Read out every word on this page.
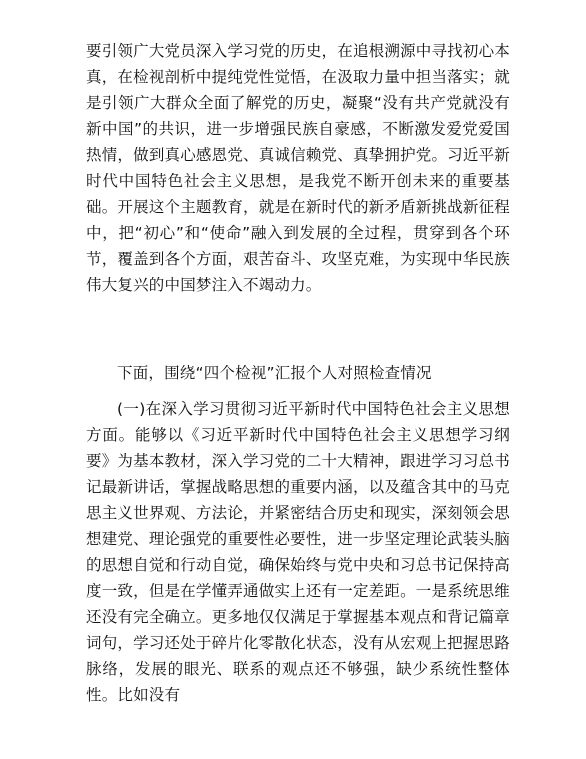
要引领广大党员深入学习党的历史，在追根溯源中寻找初心本真，在检视剖析中提纯党性觉悟，在汲取力量中担当落实；就是引领广大群众全面了解党的历史，凝聚“没有共产党就没有新中国”的共识，进一步增强民族自豪感，不断激发爱党爱国热情，做到真心感恩党、真诚信赖党、真挚拥护党。习近平新时代中国特色社会主义思想，是我党不断开创未来的重要基础。开展这个主题教育，就是在新时代的新矛盾新挑战新征程中，把“初心”和“使命”融入到发展的全过程，贯穿到各个环节，覆盖到各个方面，艰苦奋斗、攻坚克难，为实现中华民族伟大复兴的中国梦注入不竭动力。

下面，围绕“四个检视”汇报个人对照检查情况

(一)在深入学习贯彻习近平新时代中国特色社会主义思想方面。能够以《习近平新时代中国特色社会主义思想学习纲要》为基本教材，深入学习党的二十大精神，跟进学习习总书记最新讲话，掌握战略思想的重要内涵，以及蕴含其中的马克思主义世界观、方法论，并紧密结合历史和现实，深刻领会思想建党、理论强党的重要性必要性，进一步坚定理论武装头脑的思想自觉和行动自觉，确保始终与党中央和习总书记保持高度一致，但是在学懂弄通做实上还有一定差距。一是系统思维还没有完全确立。更多地仅仅满足于掌握基本观点和背记篇章词句，学习还处于碎片化零散化状态，没有从宏观上把握思路脉络，发展的眼光、联系的观点还不够强，缺少系统性整体性。比如没有
